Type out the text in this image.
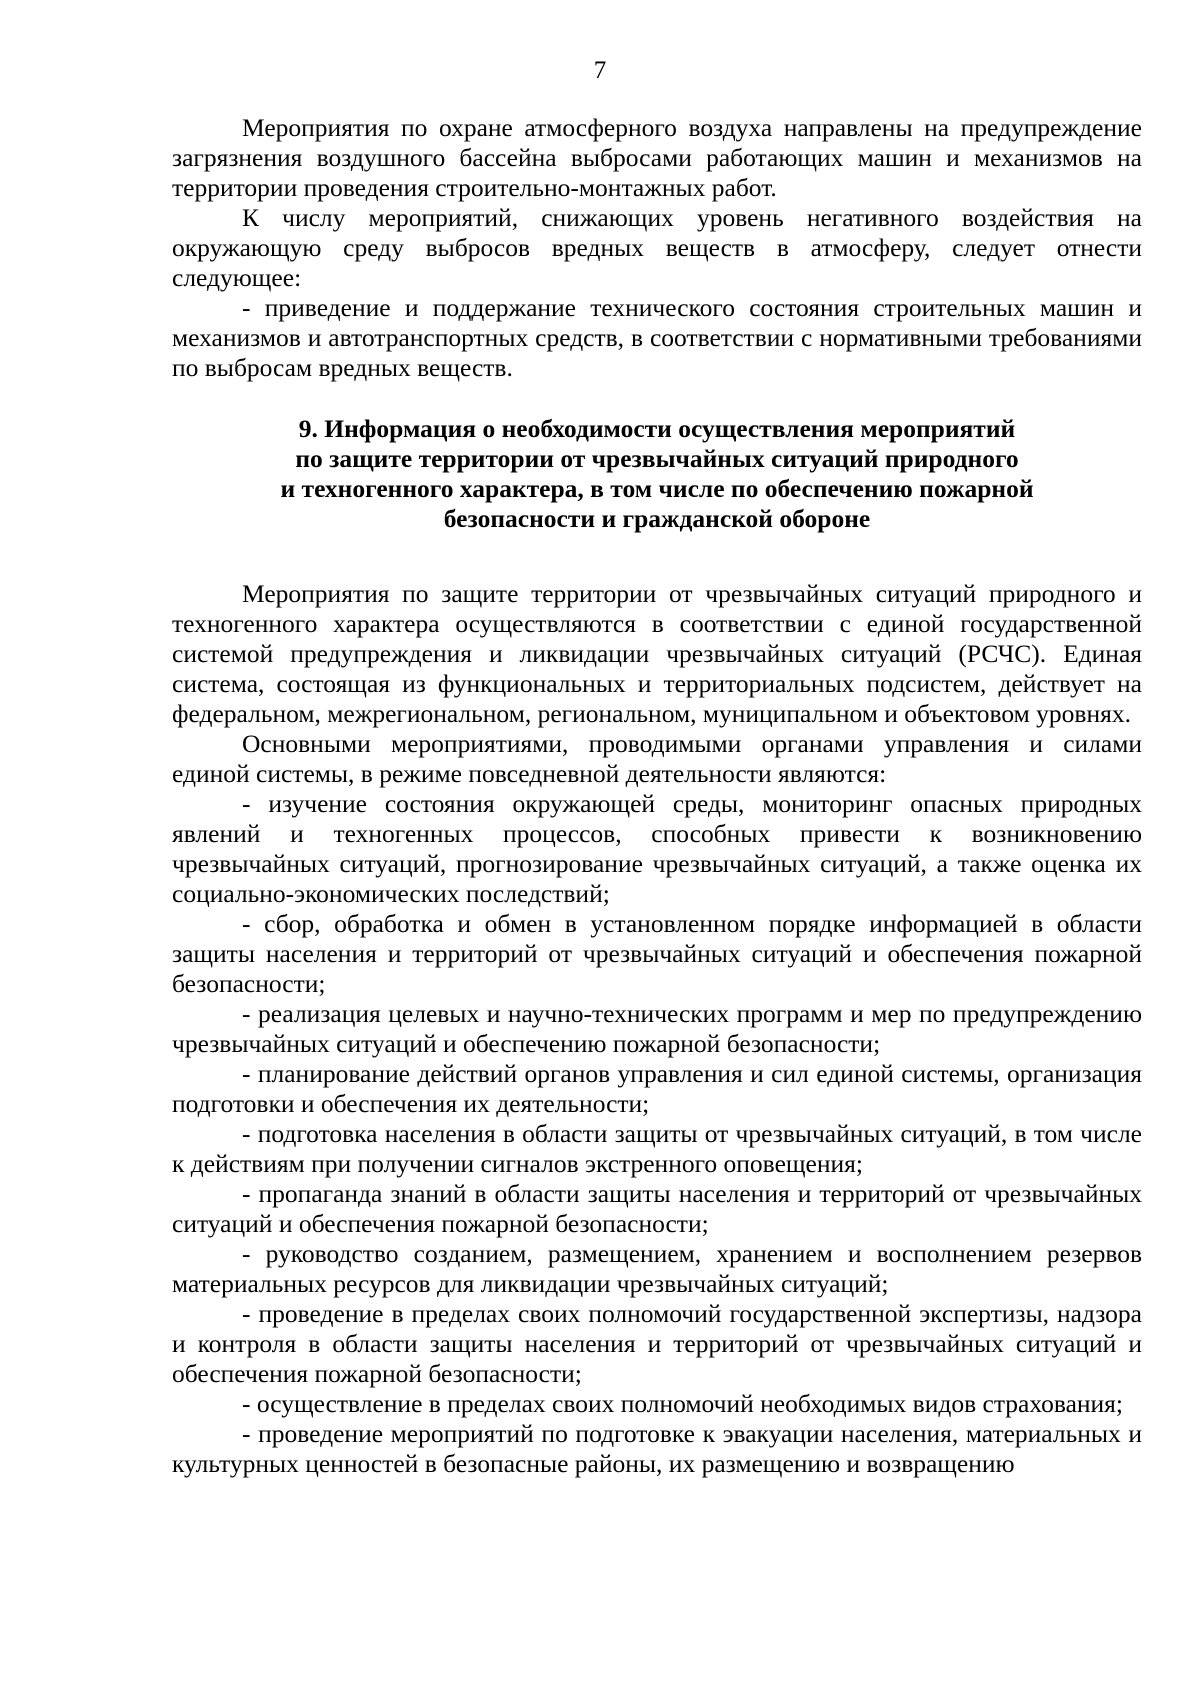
7

Мероприятия по охране атмосферного воздуха направлены на предупреждение загрязнения воздушного бассейна выбросами работающих машин и механизмов на территории проведения строительно-монтажных работ.

К числу мероприятий, снижающих уровень негативного воздействия на окружающую среду выбросов вредных веществ в атмосферу, следует отнести следующее:

- приведение и поддержание технического состояния строительных машин и механизмов и автотранспортных средств, в соответствии с нормативными требованиями по выбросам вредных веществ.

9. Информация о необходимости осуществления мероприятий
по защите территории от чрезвычайных ситуаций природного
и техногенного характера, в том числе по обеспечению пожарной
безопасности и гражданской обороне

Мероприятия по защите территории от чрезвычайных ситуаций природного и техногенного характера осуществляются в соответствии с единой государственной системой предупреждения и ликвидации чрезвычайных ситуаций (РСЧС). Единая система, состоящая из функциональных и территориальных подсистем, действует на федеральном, межрегиональном, региональном, муниципальном и объектовом уровнях.

Основными мероприятиями, проводимыми органами управления и силами единой системы, в режиме повседневной деятельности являются:

- изучение состояния окружающей среды, мониторинг опасных природных явлений и техногенных процессов, способных привести к возникновению чрезвычайных ситуаций, прогнозирование чрезвычайных ситуаций, а также оценка их социально-экономических последствий;

- сбор, обработка и обмен в установленном порядке информацией в области защиты населения и территорий от чрезвычайных ситуаций и обеспечения пожарной безопасности;

- реализация целевых и научно-технических программ и мер по предупреждению чрезвычайных ситуаций и обеспечению пожарной безопасности;

- планирование действий органов управления и сил единой системы, организация подготовки и обеспечения их деятельности;

- подготовка населения в области защиты от чрезвычайных ситуаций, в том числе к действиям при получении сигналов экстренного оповещения;

- пропаганда знаний в области защиты населения и территорий от чрезвычайных ситуаций и обеспечения пожарной безопасности;

- руководство созданием, размещением, хранением и восполнением резервов материальных ресурсов для ликвидации чрезвычайных ситуаций;

- проведение в пределах своих полномочий государственной экспертизы, надзора и контроля в области защиты населения и территорий от чрезвычайных ситуаций и обеспечения пожарной безопасности;

- осуществление в пределах своих полномочий необходимых видов страхования;

- проведение мероприятий по подготовке к эвакуации населения, материальных и культурных ценностей в безопасные районы, их размещению и возвращению
